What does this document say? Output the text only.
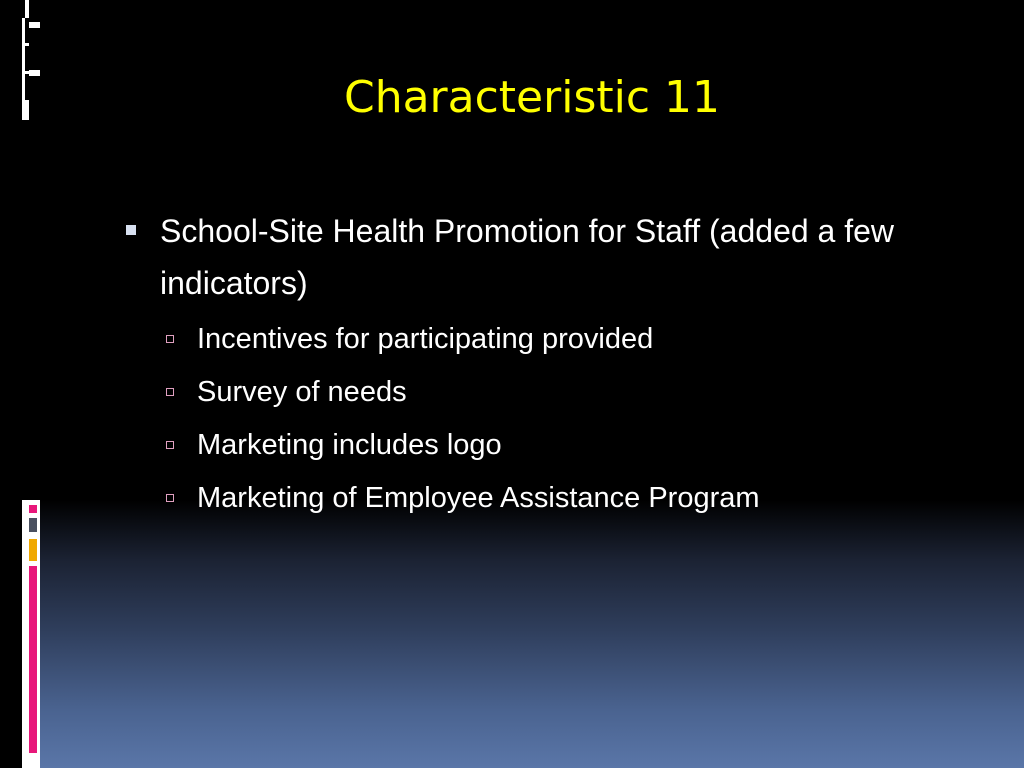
Characteristic 11
School-Site Health Promotion for Staff (added a few indicators)
Incentives for participating provided
Survey of needs
Marketing includes logo
Marketing of Employee Assistance Program
